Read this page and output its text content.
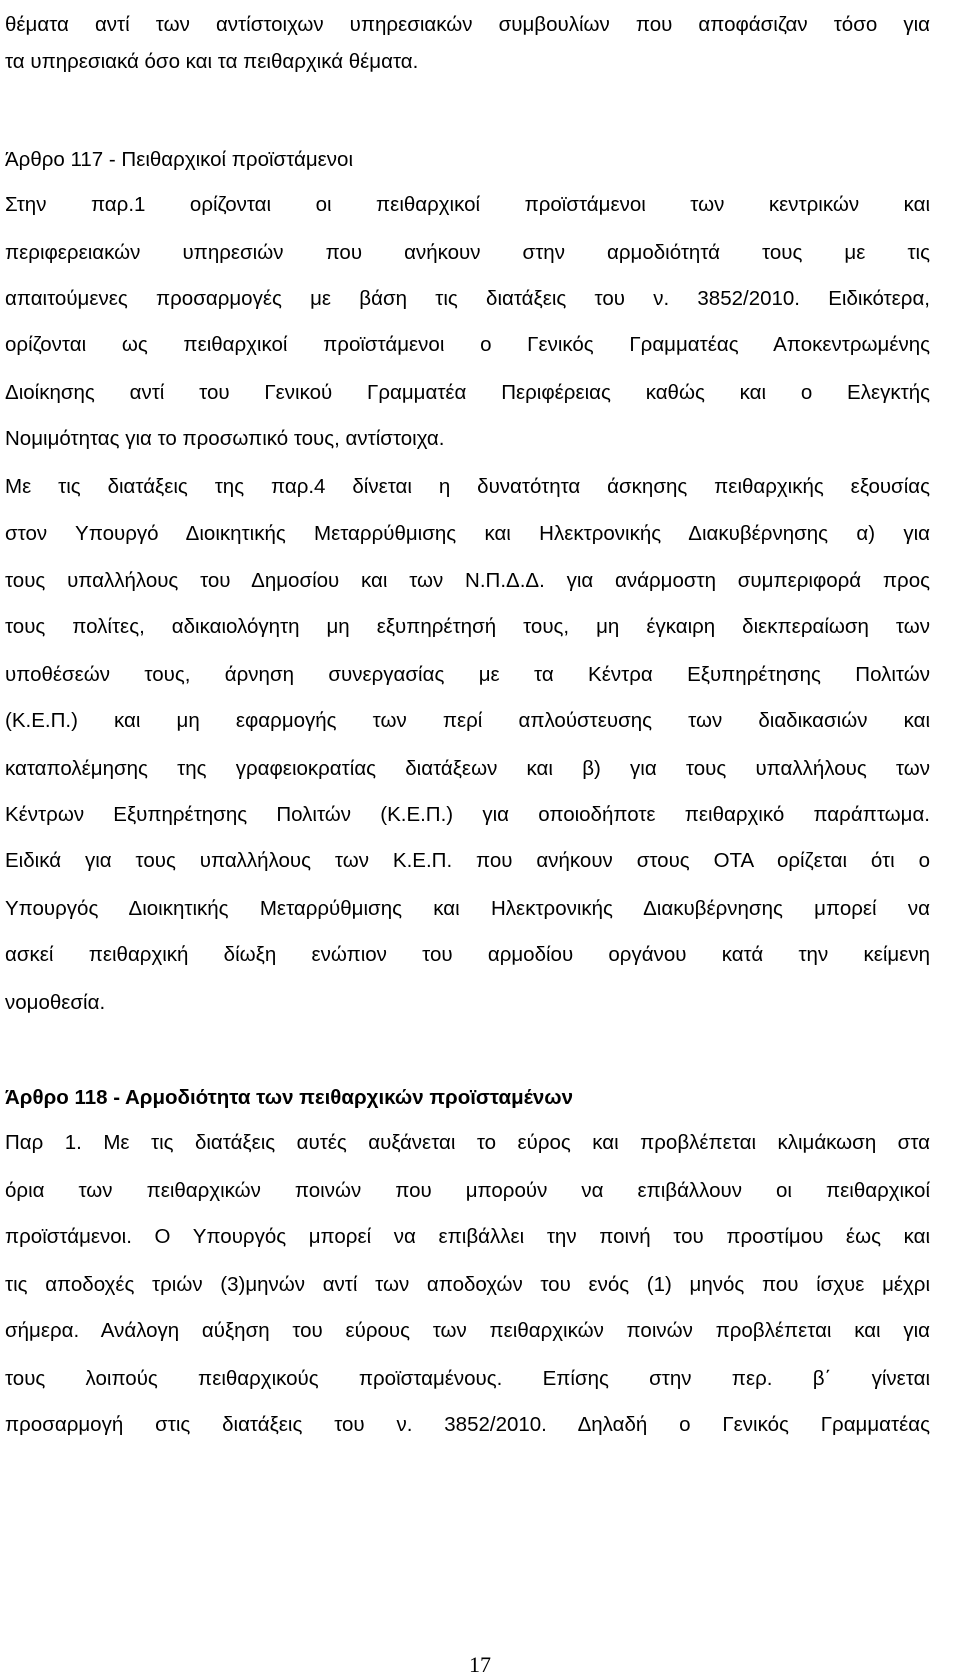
θέματα αντί των αντίστοιχων υπηρεσιακών συμβουλίων που αποφάσιζαν τόσο για
τα υπηρεσιακά όσο και τα πειθαρχικά θέματα.
Άρθρο 117 - Πειθαρχικοί προϊστάμενοι
Στην παρ.1 ορίζονται οι πειθαρχικοί προϊστάμενοι των κεντρικών και
περιφερειακών υπηρεσιών που ανήκουν στην αρμοδιότητά τους με τις
απαιτούμενες προσαρμογές με βάση τις διατάξεις του ν. 3852/2010. Ειδικότερα,
ορίζονται ως πειθαρχικοί προϊστάμενοι ο Γενικός Γραμματέας Αποκεντρωμένης
Διοίκησης αντί του Γενικού Γραμματέα Περιφέρειας καθώς και ο Ελεγκτής
Νομιμότητας για το προσωπικό τους, αντίστοιχα.
Με τις διατάξεις της παρ.4 δίνεται η δυνατότητα άσκησης πειθαρχικής εξουσίας
στον Υπουργό Διοικητικής Μεταρρύθμισης και Ηλεκτρονικής Διακυβέρνησης α) για
τους υπαλλήλους του Δημοσίου και των Ν.Π.Δ.Δ. για ανάρμοστη συμπεριφορά προς
τους πολίτες, αδικαιολόγητη μη εξυπηρέτησή τους, μη έγκαιρη διεκπεραίωση των
υποθέσεών τους, άρνηση συνεργασίας με τα Κέντρα Εξυπηρέτησης Πολιτών
(Κ.Ε.Π.) και μη εφαρμογής των περί απλούστευσης των διαδικασιών και
καταπολέμησης της γραφειοκρατίας διατάξεων και β) για τους υπαλλήλους των
Κέντρων Εξυπηρέτησης Πολιτών (Κ.Ε.Π.) για οποιοδήποτε πειθαρχικό παράπτωμα.
Ειδικά για τους υπαλλήλους των Κ.Ε.Π. που ανήκουν στους ΟΤΑ ορίζεται ότι ο
Υπουργός Διοικητικής Μεταρρύθμισης και Ηλεκτρονικής Διακυβέρνησης μπορεί να
ασκεί πειθαρχική δίωξη ενώπιον του αρμοδίου οργάνου κατά την κείμενη
νομοθεσία.
Άρθρο 118 - Αρμοδιότητα των πειθαρχικών προϊσταμένων
Παρ 1. Με τις διατάξεις αυτές αυξάνεται το εύρος και προβλέπεται κλιμάκωση στα
όρια των πειθαρχικών ποινών που μπορούν να επιβάλλουν οι πειθαρχικοί
προϊστάμενοι. Ο Υπουργός μπορεί να επιβάλλει την ποινή του προστίμου έως και
τις αποδοχές τριών (3)μηνών αντί των αποδοχών του ενός (1) μηνός που ίσχυε μέχρι
σήμερα. Ανάλογη αύξηση του εύρους των πειθαρχικών ποινών προβλέπεται και για
τους λοιπούς πειθαρχικούς προϊσταμένους. Επίσης στην περ. β΄ γίνεται
προσαρμογή στις διατάξεις του ν. 3852/2010. Δηλαδή ο Γενικός Γραμματέας
17
